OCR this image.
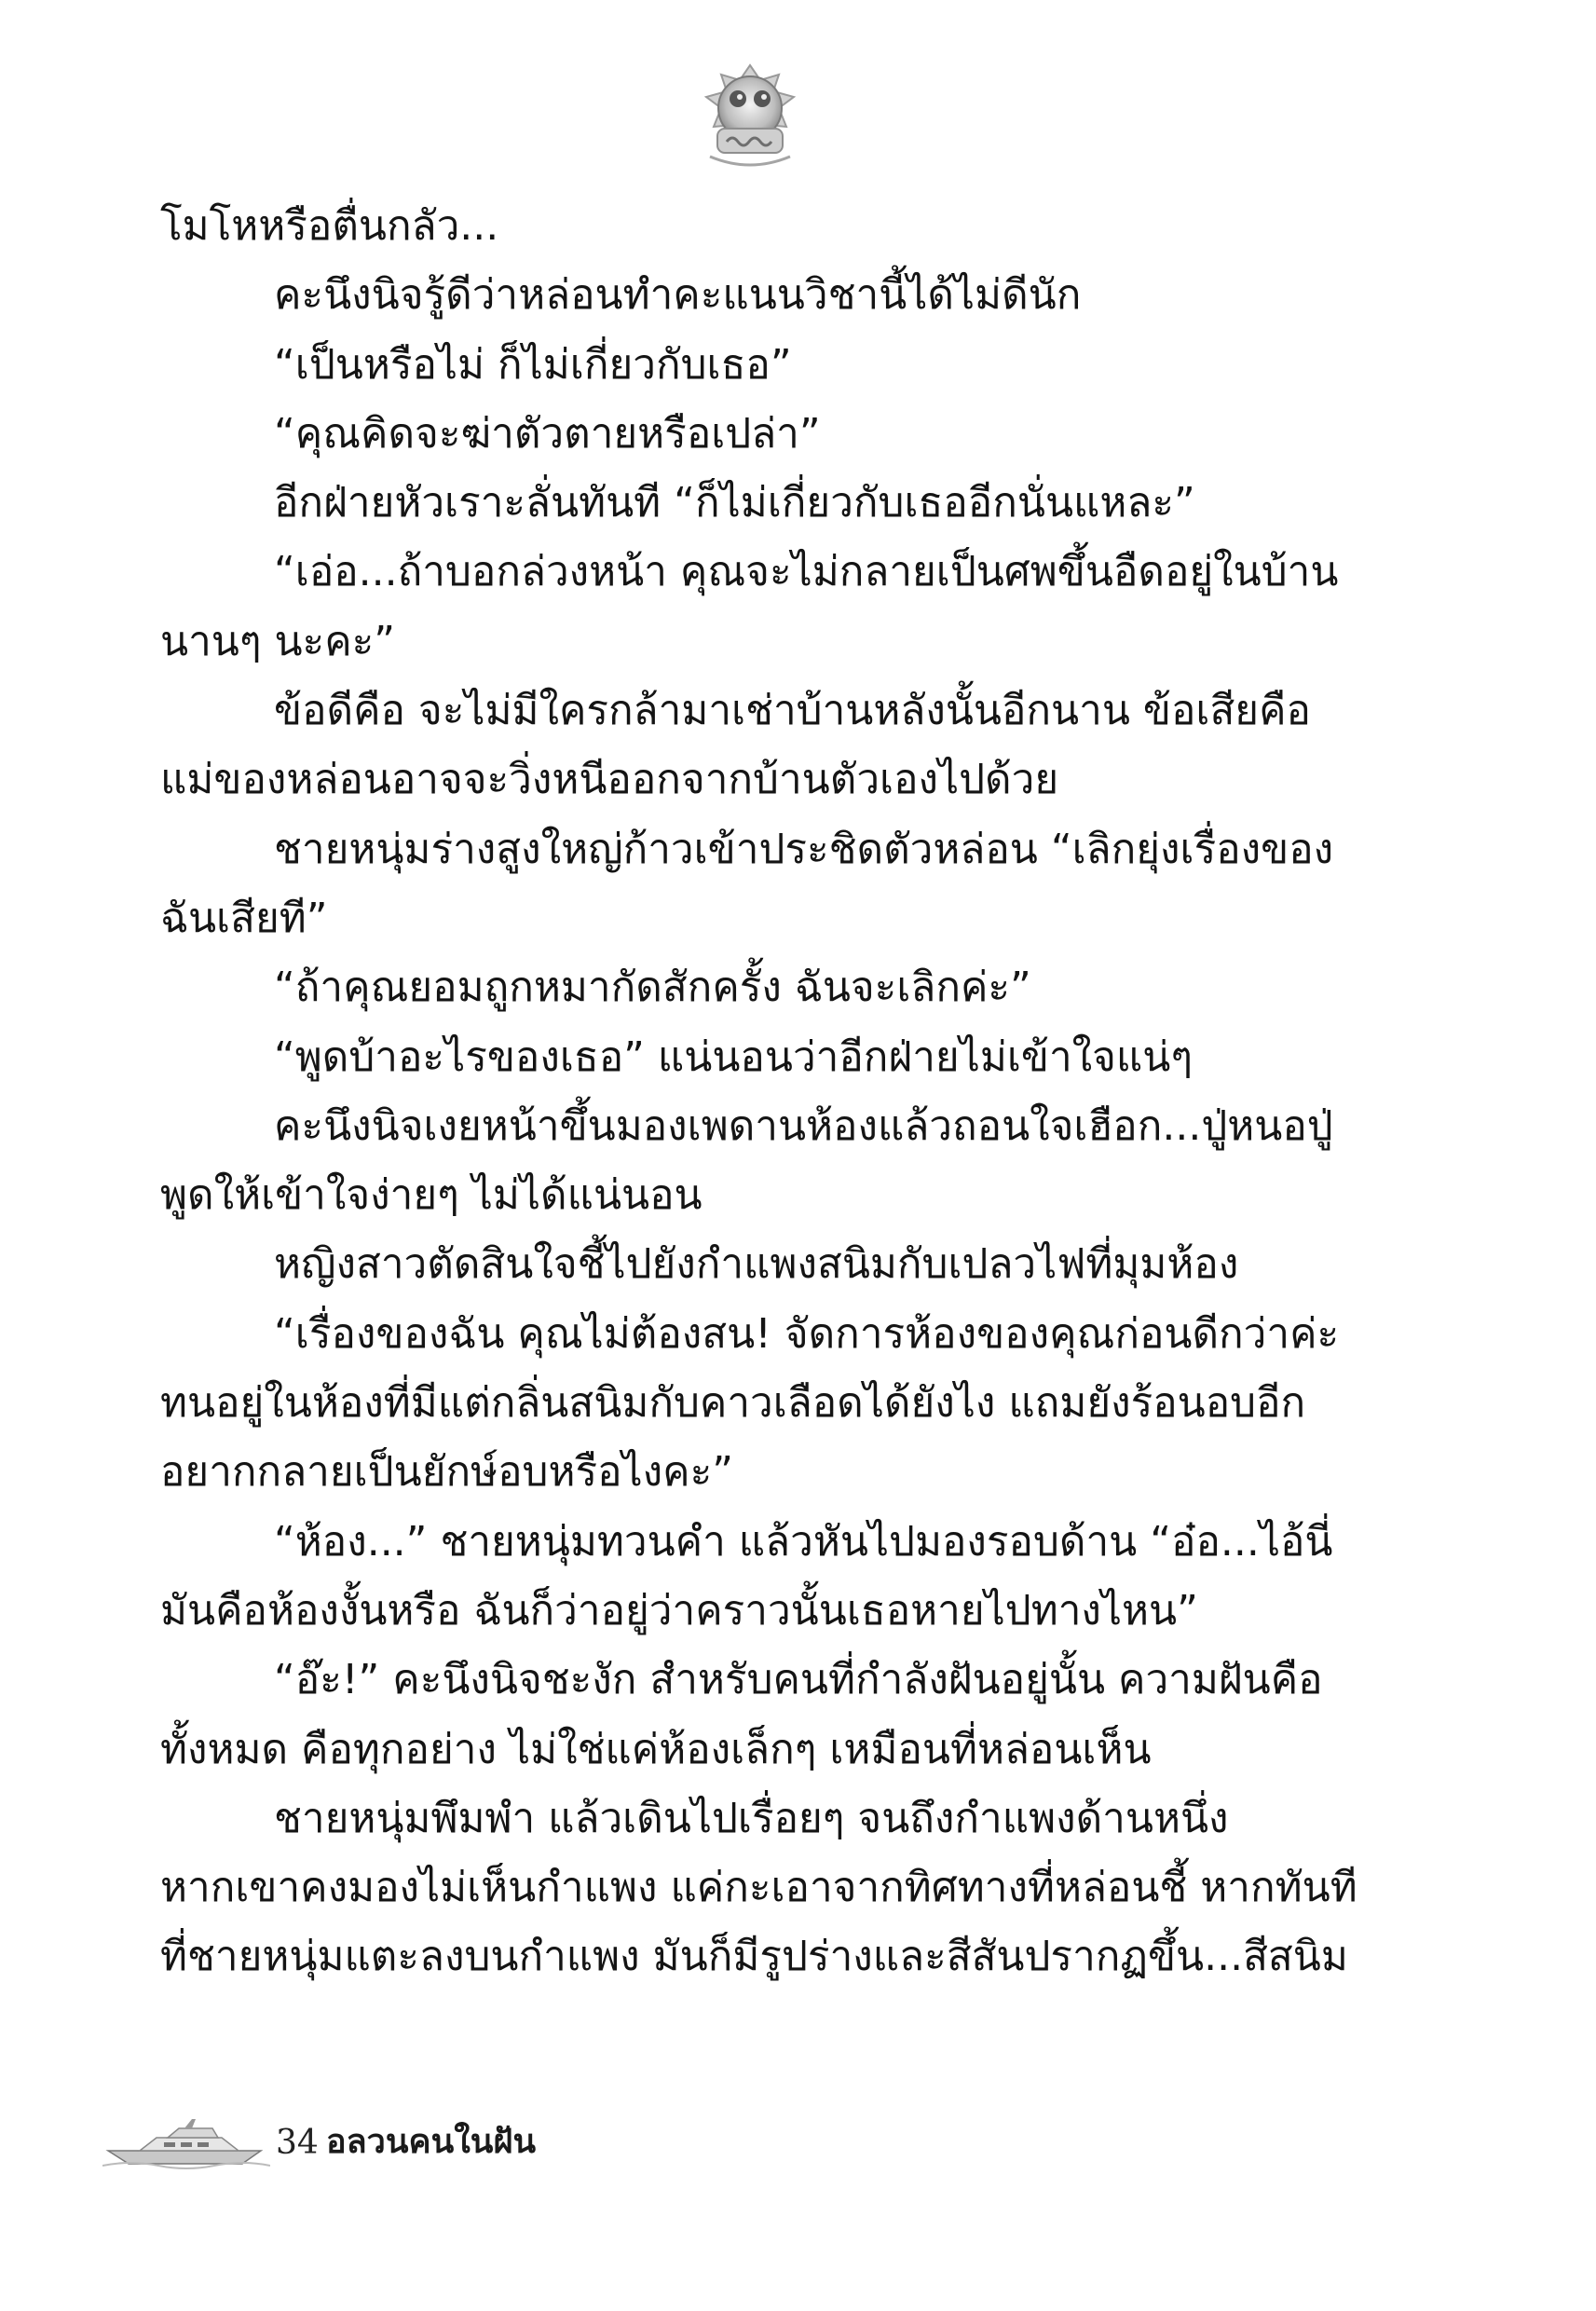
โมโหหรือตื่นกลัว...
คะนึงนิจรู้ดีว่าหล่อนทำคะแนนวิชานี้ได้ไม่ดีนัก
“เป็นหรือไม่ ก็ไม่เกี่ยวกับเธอ”
“คุณคิดจะฆ่าตัวตายหรือเปล่า”
อีกฝ่ายหัวเราะลั่นทันที “ก็ไม่เกี่ยวกับเธออีกนั่นแหละ”
“เอ่อ...ถ้าบอกล่วงหน้า คุณจะไม่กลายเป็นศพขึ้นอืดอยู่ในบ้าน
นานๆ นะคะ”
ข้อดีคือ จะไม่มีใครกล้ามาเช่าบ้านหลังนั้นอีกนาน ข้อเสียคือ
แม่ของหล่อนอาจจะวิ่งหนีออกจากบ้านตัวเองไปด้วย
ชายหนุ่มร่างสูงใหญ่ก้าวเข้าประชิดตัวหล่อน “เลิกยุ่งเรื่องของ
ฉันเสียที”
“ถ้าคุณยอมถูกหมากัดสักครั้ง ฉันจะเลิกค่ะ”
“พูดบ้าอะไรของเธอ” แน่นอนว่าอีกฝ่ายไม่เข้าใจแน่ๆ
คะนึงนิจเงยหน้าขึ้นมองเพดานห้องแล้วถอนใจเฮือก...ปู่หนอปู่
พูดให้เข้าใจง่ายๆ ไม่ได้แน่นอน
หญิงสาวตัดสินใจชี้ไปยังกำแพงสนิมกับเปลวไฟที่มุมห้อง
“เรื่องของฉัน คุณไม่ต้องสน! จัดการห้องของคุณก่อนดีกว่าค่ะ
ทนอยู่ในห้องที่มีแต่กลิ่นสนิมกับคาวเลือดได้ยังไง แถมยังร้อนอบอีก
อยากกลายเป็นยักษ์อบหรือไงคะ”
“ห้อง...” ชายหนุ่มทวนคำ แล้วหันไปมองรอบด้าน “อ๋อ...ไอ้นี่
มันคือห้องงั้นหรือ ฉันก็ว่าอยู่ว่าคราวนั้นเธอหายไปทางไหน”
“อ๊ะ!” คะนึงนิจชะงัก สำหรับคนที่กำลังฝันอยู่นั้น ความฝันคือ
ทั้งหมด คือทุกอย่าง ไม่ใช่แค่ห้องเล็กๆ เหมือนที่หล่อนเห็น
ชายหนุ่มพึมพำ แล้วเดินไปเรื่อยๆ จนถึงกำแพงด้านหนึ่ง
หากเขาคงมองไม่เห็นกำแพง แค่กะเอาจากทิศทางที่หล่อนชี้ หากทันที
ที่ชายหนุ่มแตะลงบนกำแพง มันก็มีรูปร่างและสีสันปรากฏขึ้น...สีสนิม
34 อลวนคนในฝัน
